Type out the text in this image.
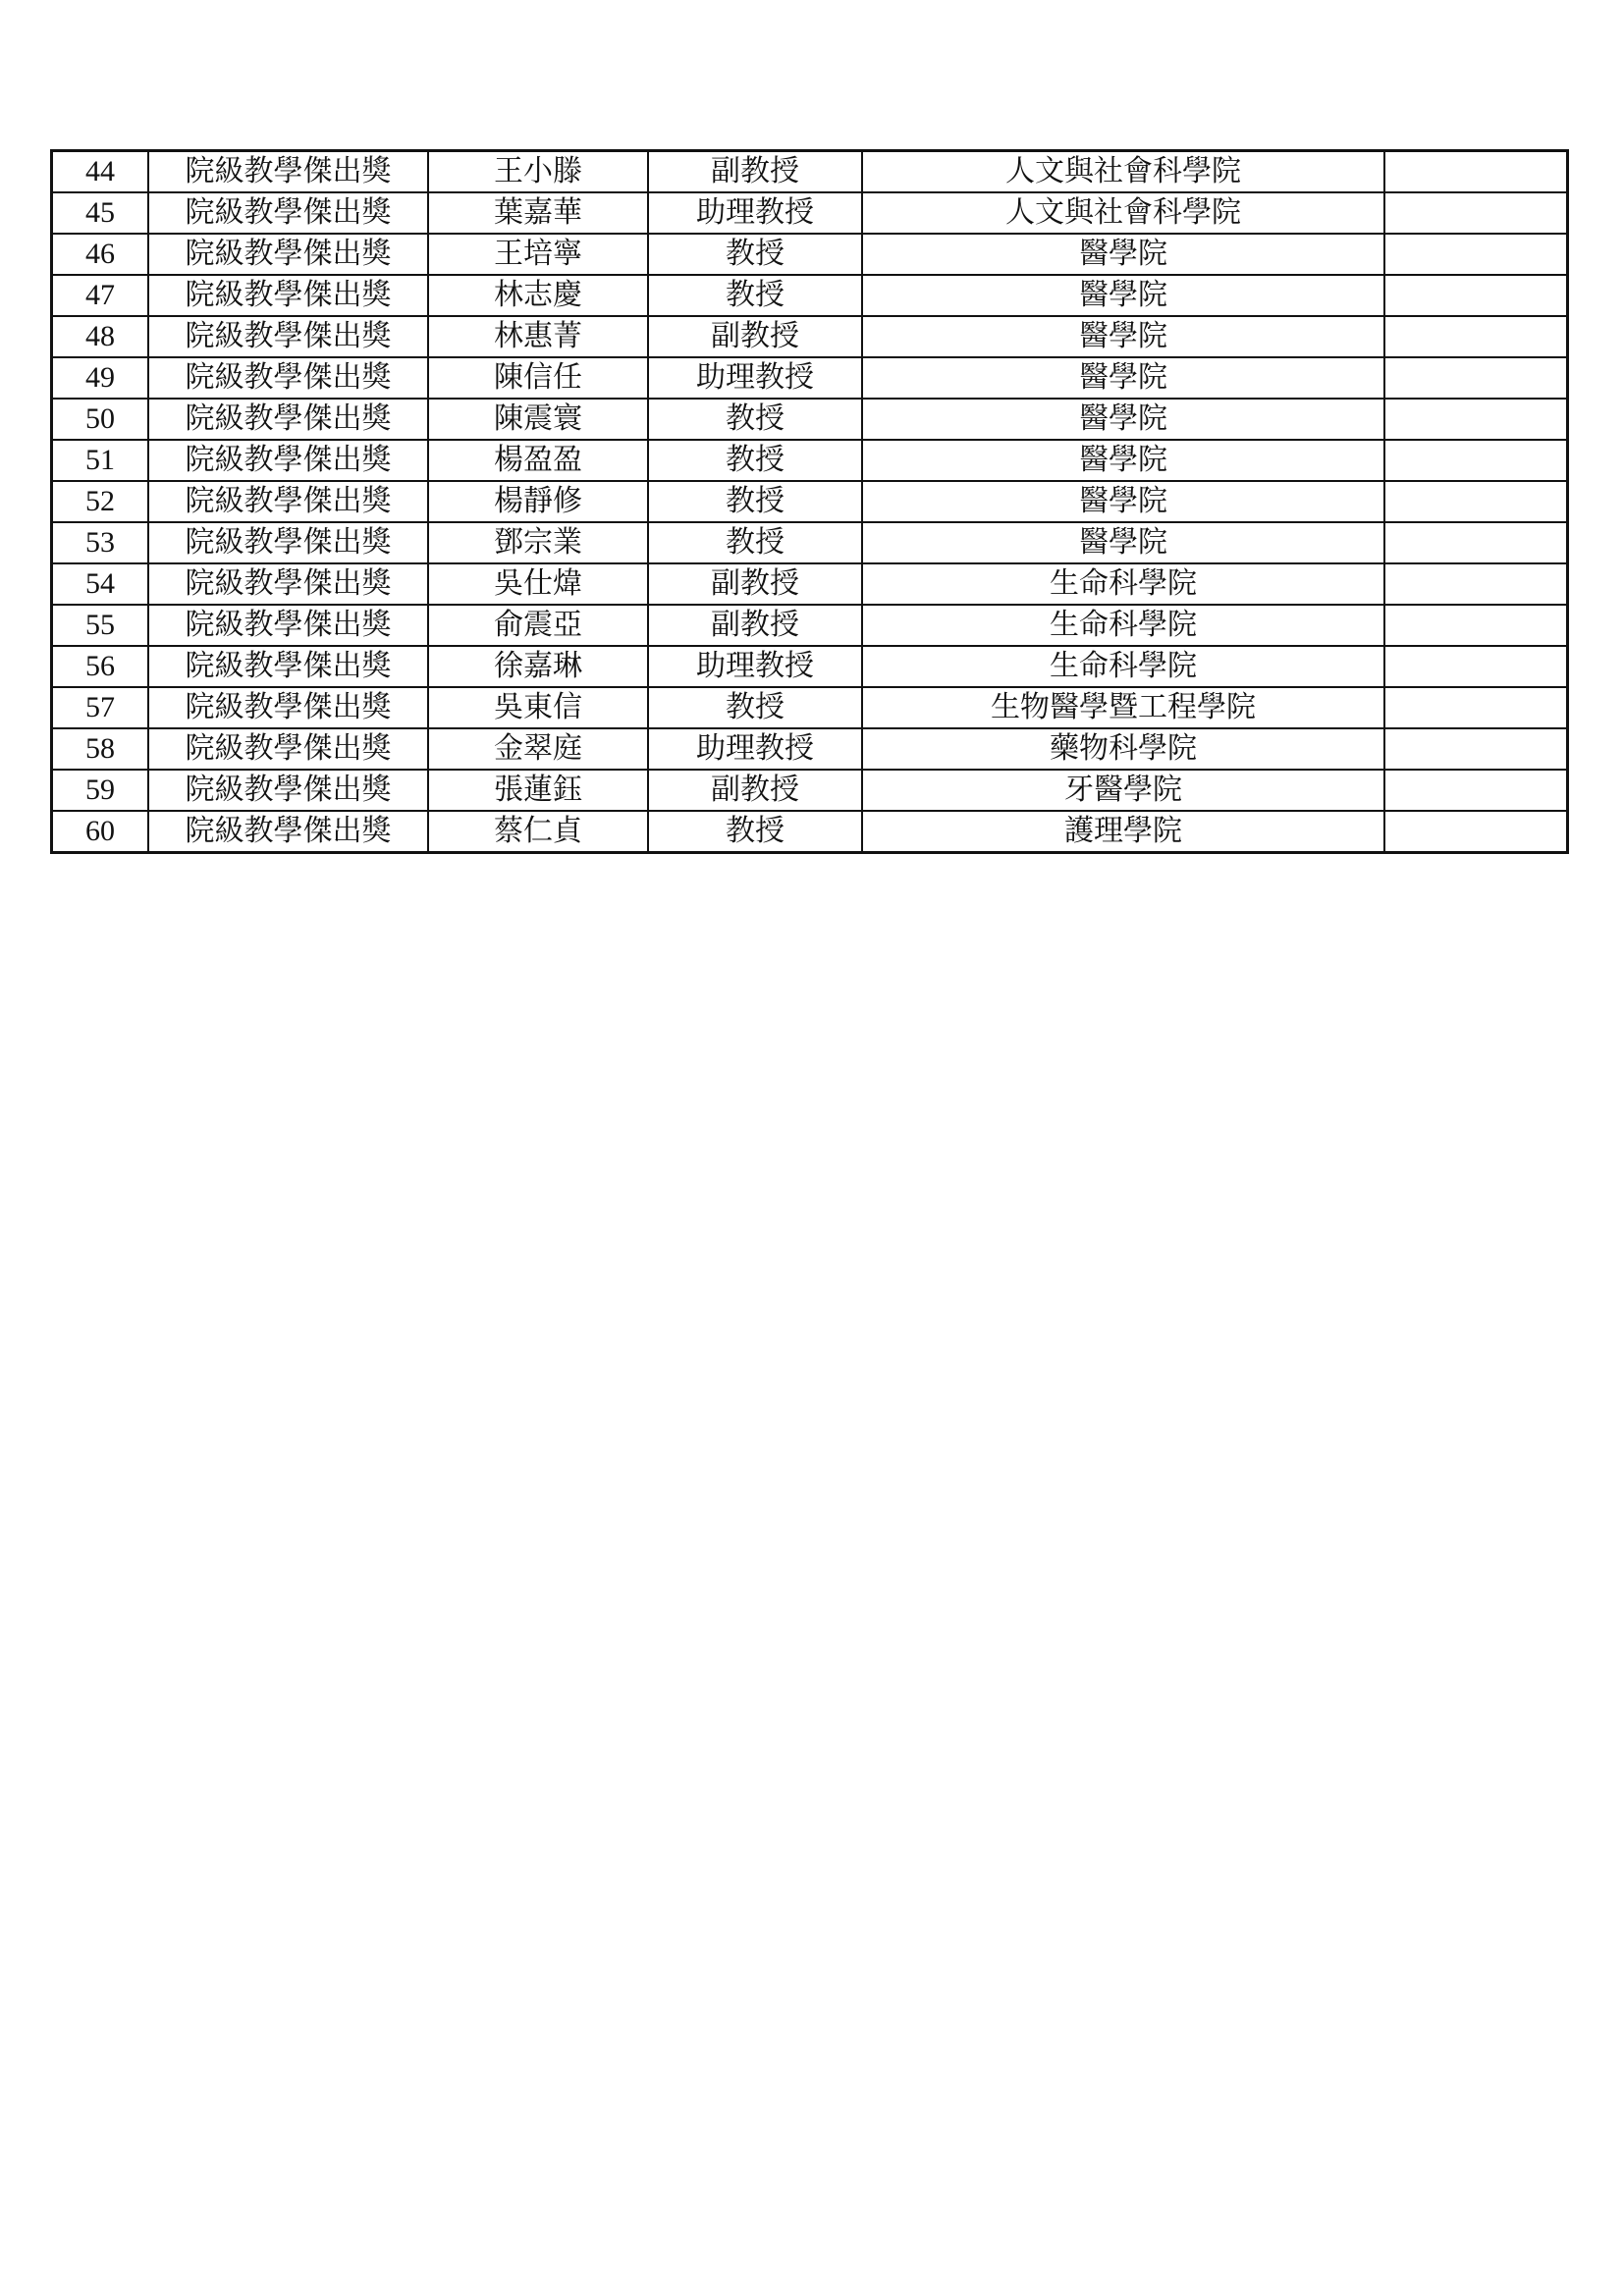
44	院級教學傑出獎	王小滕	副教授	人文與社會科學院	
45	院級教學傑出獎	葉嘉華	助理教授	人文與社會科學院	
46	院級教學傑出獎	王培寧	教授	醫學院	
47	院級教學傑出獎	林志慶	教授	醫學院	
48	院級教學傑出獎	林惠菁	副教授	醫學院	
49	院級教學傑出獎	陳信任	助理教授	醫學院	
50	院級教學傑出獎	陳震寰	教授	醫學院	
51	院級教學傑出獎	楊盈盈	教授	醫學院	
52	院級教學傑出獎	楊靜修	教授	醫學院	
53	院級教學傑出獎	鄧宗業	教授	醫學院	
54	院級教學傑出獎	吳仕煒	副教授	生命科學院	
55	院級教學傑出獎	俞震亞	副教授	生命科學院	
56	院級教學傑出獎	徐嘉琳	助理教授	生命科學院	
57	院級教學傑出獎	吳東信	教授	生物醫學暨工程學院	
58	院級教學傑出獎	金翠庭	助理教授	藥物科學院	
59	院級教學傑出獎	張蓮鈺	副教授	牙醫學院	
60	院級教學傑出獎	蔡仁貞	教授	護理學院	
